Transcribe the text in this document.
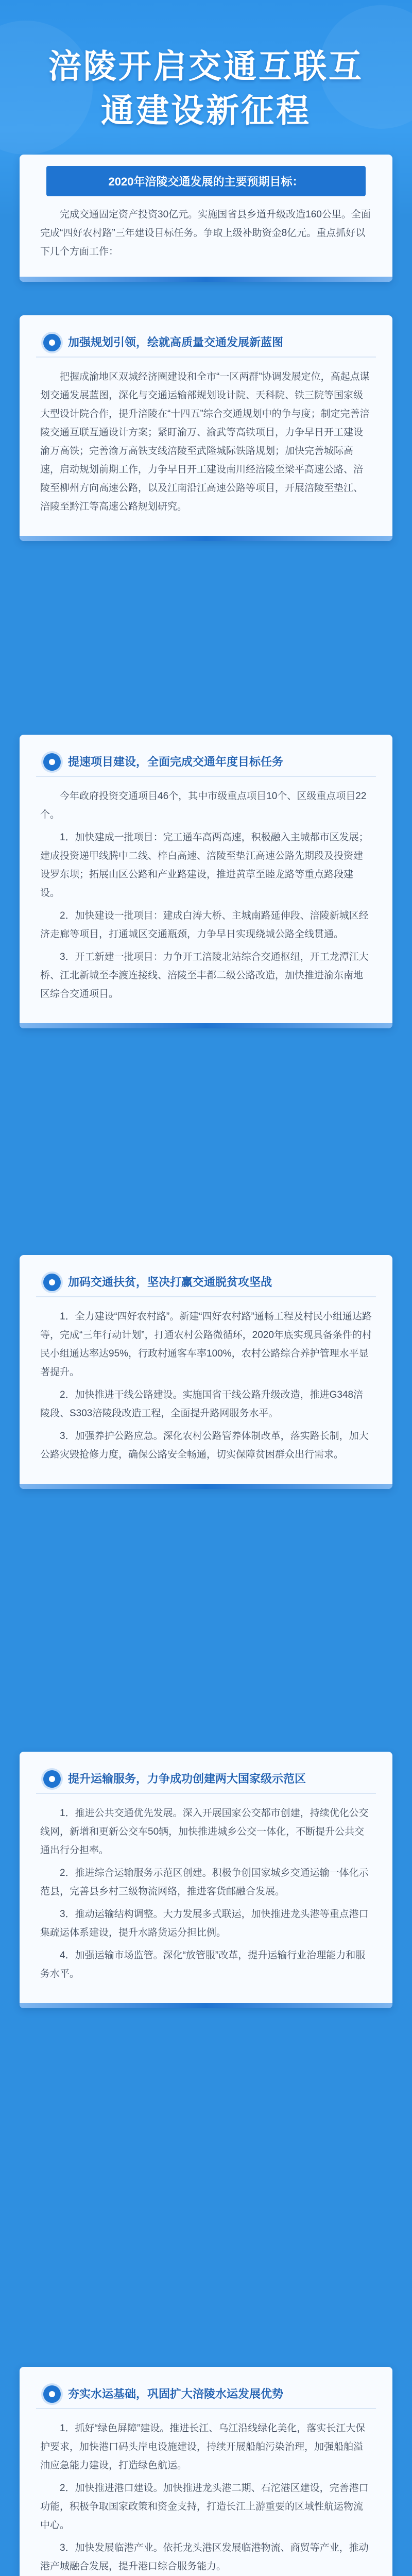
涪陵开启交通互联互
通建设新征程
2020年涪陵交通发展的主要预期目标：

完成交通固定资产投资30亿元。实施国省县乡道升级改造160公里。全面完成“四好农村路”三年建设目标任务。争取上级补助资金8亿元。重点抓好以下几个方面工作：

加强规划引领，绘就高质量交通发展新蓝图

把握成渝地区双城经济圈建设和全市“一区两群”协调发展定位，高起点谋划交通发展蓝图，深化与交通运输部规划设计院、天科院、铁三院等国家级大型设计院合作，提升涪陵在“十四五”综合交通规划中的争与度；制定完善涪陵交通互联互通设计方案；紧盯渝万、渝武等高铁项目，力争早日开工建设渝万高铁；完善渝万高铁支线涪陵至武隆城际铁路规划；加快完善城际高速，启动规划前期工作，力争早日开工建设南川经涪陵至梁平高速公路、涪陵至柳州方向高速公路，以及江南沿江高速公路等项目，开展涪陵至垫江、涪陵至黔江等高速公路规划研究。

提速项目建设，全面完成交通年度目标任务

今年政府投资交通项目46个，其中市级重点项目10个、区级重点项目22个。

1．加快建成一批项目：完工通车高两高速，积极融入主城都市区发展；建成投资递甲线腾中二线、梓白高速、涪陵至垫江高速公路先期段及投资建设罗东坝；拓展山区公路和产业路建设，推进黄草至睦龙路等重点路段建设。

2．加快建设一批项目：建成白涛大桥、主城南路延伸段、涪陵新城区经济走廊等项目，打通城区交通瓶颈，力争早日实现绕城公路全线贯通。

3．开工新建一批项目：力争开工涪陵北站综合交通枢纽，开工龙潭江大桥、江北新城至李渡连接线、涪陵至丰都二级公路改造，加快推进渝东南地区综合交通项目。

加码交通扶贫，坚决打赢交通脱贫攻坚战

1．全力建设“四好农村路”。新建“四好农村路”通畅工程及村民小组通达路等，完成“三年行动计划”，打通农村公路微循环，2020年底实现具备条件的村民小组通达率达95%，行政村通客车率100%，农村公路综合养护管理水平显著提升。

2．加快推进干线公路建设。实施国省干线公路升级改造，推进G348涪陵段、S303涪陵段改造工程，全面提升路网服务水平。

3．加强养护公路应急。深化农村公路管养体制改革，落实路长制，加大公路灾毁抢修力度，确保公路安全畅通，切实保障贫困群众出行需求。

提升运输服务，力争成功创建两大国家级示范区

1．推进公共交通优先发展。深入开展国家公交都市创建，持续优化公交线网，新增和更新公交车50辆，加快推进城乡公交一体化，不断提升公共交通出行分担率。

2．推进综合运输服务示范区创建。积极争创国家城乡交通运输一体化示范县，完善县乡村三级物流网络，推进客货邮融合发展。

3．推动运输结构调整。大力发展多式联运，加快推进龙头港等重点港口集疏运体系建设，提升水路货运分担比例。

4．加强运输市场监管。深化“放管服”改革，提升运输行业治理能力和服务水平。

夯实水运基础，巩固扩大涪陵水运发展优势

1．抓好“绿色屏障”建设。推进长江、乌江沿线绿化美化，落实长江大保护要求，加快港口码头岸电设施建设，持续开展船舶污染治理，加强船舶溢油应急能力建设，打造绿色航运。

2．加快推进港口建设。加快推进龙头港二期、石沱港区建设，完善港口功能，积极争取国家政策和资金支持，打造长江上游重要的区域性航运物流中心。

3．加快发展临港产业。依托龙头港区发展临港物流、商贸等产业，推动港产城融合发展，提升港口综合服务能力。
